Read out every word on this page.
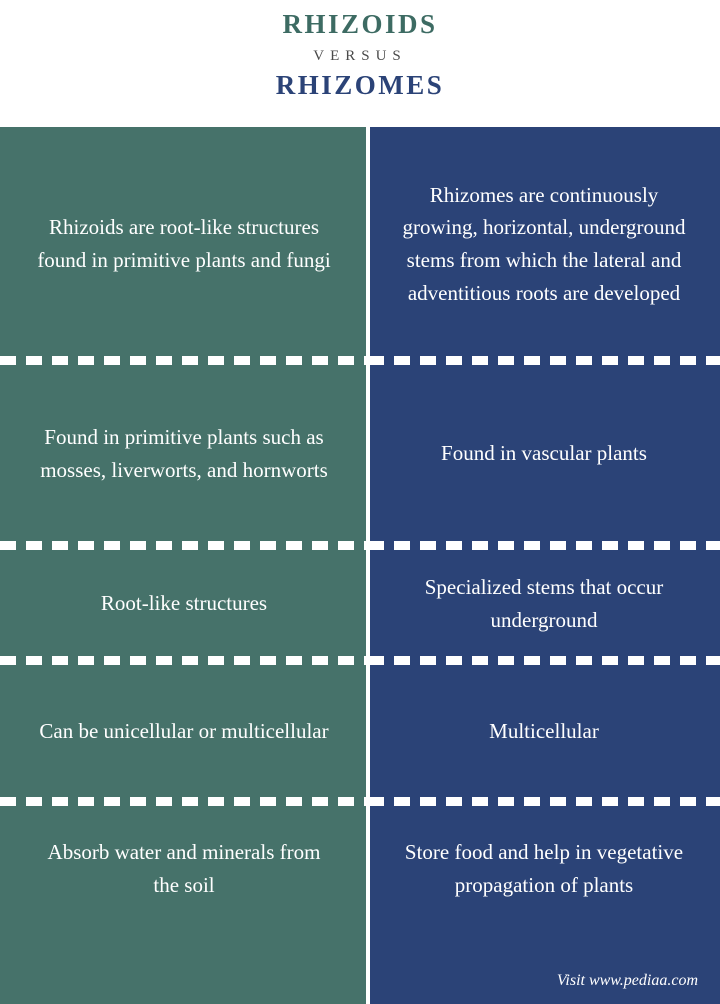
RHIZOIDS
VERSUS
RHIZOMES
Rhizoids are root-like structures found in primitive plants and fungi
Rhizomes are continuously growing, horizontal, underground stems from which the lateral and adventitious roots are developed
Found in primitive plants such as mosses, liverworts, and hornworts
Found in vascular plants
Root-like structures
Specialized stems that occur underground
Can be unicellular or multicellular	Multicellular
Absorb water and minerals from the soil
Store food and help in vegetative propagation of plants
Visit www.pediaa.com
